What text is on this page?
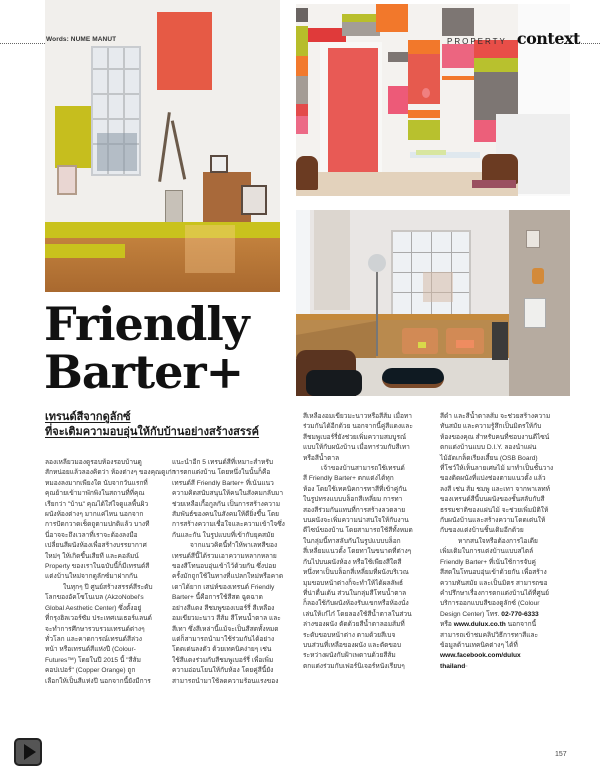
Words: NUME MANUT	PROPERTY context
Friendly
Barter+
เทรนด์สีจากดูลักซ์
ที่จะเติมความอบอุ่นให้กับบ้านอย่างสร้างสรรค์

ลองเหลียวมองดูรอบห้องรอบบ้านดู

สักหน่อยแล้วลองคิดว่า ห้องต่างๆ ของคุณดูเก่า

หมองลงมากเพียงใด นับจากวันแรกที่

คุณย้ายเข้ามาพักพิงในสถานที่ที่คุณ

เรียกว่า "บ้าน" คุณได้ใส่ใจดูแลพื้นผิว

ผนังห้องต่างๆ มากแค่ไหน นอกจาก

การปัดกวาดเช็ดถูตามปกติแล้ว บางที

นี่อาจจะถึงเวลาที่เราจะต้องลงมือ

เปลี่ยนสีผนังห้องเพื่อสร้างบรรยากาศ

ใหม่ๆ ให้เกิดขึ้นเสียที และคอลัมน์

Property ของเราในฉบับนี้ก็มีเทรนด์สี

แต่งบ้านใหม่จากดูลักซ์มาฝากกัน

ในทุกๆ ปี ศูนย์สร้างสรรค์สีระดับ

โลกของอัคโซโนเบล (AkzoNobel's

Global Aesthetic Center) ซึ่งตั้งอยู่

ที่กรุงฮิลเวอร์ซัม ประเทศเนเธอร์แลนด์

จะทำการศึกษารวบรวมเทรนด์ต่างๆ

ทั่วโลก และคาดการณ์เทรนด์สีล่วง

หน้า หรือเทรนด์สีแห่งปี (Colour-

Futures™) โดยในปี 2015 นี้ "สีส้ม

คอปเปอร์" (Copper Orange) ถูก

เลือกให้เป็นสีแห่งปี นอกจากนี้ยังมีการ

แนะนำอีก 5 เทรนด์สีที่เหมาะสำหรับ

การตกแต่งบ้าน โดยหนึ่งในนั้นก็คือ

เทรนด์สี Friendly Barter+ ที่เน้นแนว

ความคิดสนับสนุนให้คนในสังคมกลับมา

ช่วยเหลือเกื้อกูลกัน เป็นการสร้างความ

สัมพันธ์ของคนในสังคมให้ดียิ่งขึ้น โดย

การสร้างความเชื่อใจและความเข้าใจซึ่ง

กันและกัน ในรูปแบบที่เข้ากับยุคสมัย

จากแนวคิดนี้ทำให้พาเลทสีของ

เทรนด์สีนี้ได้รวมเอาความหลากหลาย

ของสีโทนอบอุ่นเข้าไว้ด้วยกัน ซึ่งบ่อย

ครั้งมักถูกใช้ในทางที่แปลกใหม่หรือคาด

เดาได้ยาก เสน่ห์ของเทรนด์ Friendly

Barter+ นี้คือการใช้สีสด ฉูดฉาด

อย่างสีแดง สีชมพูของเบอร์รี่ สีเหลือง

อมเขียวมะนาว สีส้ม สีโทนน้ำตาล และ

สีเทา ซึ่งสีเหล่านี้แม้จะเป็นสีสดทั้งหมด

แต่ก็สามารถนำมาใช้ร่วมกันได้อย่าง

โดดเด่นลงตัว ด้วยเทคนิคง่ายๆ เช่น

ใช้สีแดงร่วมกับสีชมพูเบอร์รี่ เพื่อเพิ่ม

ความอ่อนโยนให้กับห้อง โดยคู่สีนี้ยัง

สามารถนำมาใช้ลดความร้อนแรงของ

สีเหลืองอมเขียวมะนาวหรือสีส้ม เมื่อทา

ร่วมกันได้อีกด้วย นอกจากนี้คู่สีแดงและ

สีชมพูเบอร์รี่ยังช่วยเพิ่มความสมบูรณ์

แบบให้กับผนังบ้าน เมื่อทาร่วมกับสีเทา

หรือสีน้ำตาล

เจ้าของบ้านสามารถใช้เทรนด์

สี Friendly Barter+ ตกแต่งได้ทุก

ห้อง โดยใช้เทคนิคการทาสีที่เข้าคู่กัน

ในรูปทรงแบบบล็อกสีเหลี่ยม การทา

สองสีร่วมกันแทนที่การสร้างลวดลาย

บนผนังจะเพิ่มความน่าสนใจให้กับงาน

ดีไซน์ของบ้าน โดยสามารถใช้สีทั้งหมด

ในกลุ่มนี้ทาสลับกันในรูปแบบบล็อก

สี่เหลี่ยมแนวตั้ง โดยทาในขนาดที่ต่างๆ

กันไปบนผนังห้อง หรือใช้เพียงสีใดสี

หนึ่งทาเป็นบล็อกสี่เหลี่ยมที่ผนังบริเวณ

มุมขอบหน้าต่างก็จะทำให้ได้ผลลัพธ์

ที่น่าตื่นเต้น ส่วนในกลุ่มสีโทนน้ำตาล

ก็ลองใช้กับผนังห้องรับแขกหรือห้องนั่ง

เล่นให้เก๋ไก๋ โดยลองใช้สีน้ำตาลในส่วน

ล่างของผนัง ตัดด้วยสีน้ำตาลอมส้มที่

ระดับขอบหน้าต่าง ตามด้วยสีเบจ

บนส่วนที่เหลือของผนัง และตัดขอบ

ระหว่างผนังกับฝ้าเพดานด้วยสีส้ม

ตกแต่งร่วมกับเฟอร์นิเจอร์หนังเรียบๆ

สีดำ และสีน้ำตาลส้ม จะช่วยสร้างความ

ทันสมัย และความรู้สึกเป็นมิตรให้กับ

ห้องของคุณ สำหรับคนที่ชอบงานดีไซน์

ตกแต่งบ้านแบบ D.I.Y. ลองนำแผ่น

ไม้อัดเกล็ดเรียงเสี้ยน (OSB Board)

ที่โชว์ให้เห็นลายเศษไม้ มาทำเป็นชั้นวาง

ของติดผนังที่แบ่งช่องตามแนวตั้ง แล้ว

ลงสี เช่น ส้ม ชมพู และเทา จากพาเลทท์

ของเทรนด์สีนี้บนผนังของชั้นสลับกับสี

ธรรมชาติของแผ่นไม้ จะช่วยเพิ่มมิติให้

กับผนังบ้านและสร้างความโดดเด่นให้

กับของแต่งบ้านชิ้นเดิมอีกด้วย

หากสนใจหรือต้องการไอเดีย

เพิ่มเติมในการแต่งบ้านแบบสไตล์

Friendly Barter+ ที่เน้นใช้การจับคู่

สีสดในโทนอบอุ่นเข้าด้วยกัน เพื่อสร้าง

ความทันสมัย และเป็นมิตร สามารถขอ

คำปรึกษาเรื่องการตกแต่งบ้านได้ที่ศูนย์

บริการออกแบบสีของดูลักซ์ (Colour

Design Center) โทร. 02-770-6333

หรือ www.dulux.co.th นอกจากนี้

สามารถเข้าชมคลิปวิธีการทาสีและ

ข้อมูลด้านเทคนิคต่างๆ ได้ที่

www.facebook.com/dulux

thailand▫

157
